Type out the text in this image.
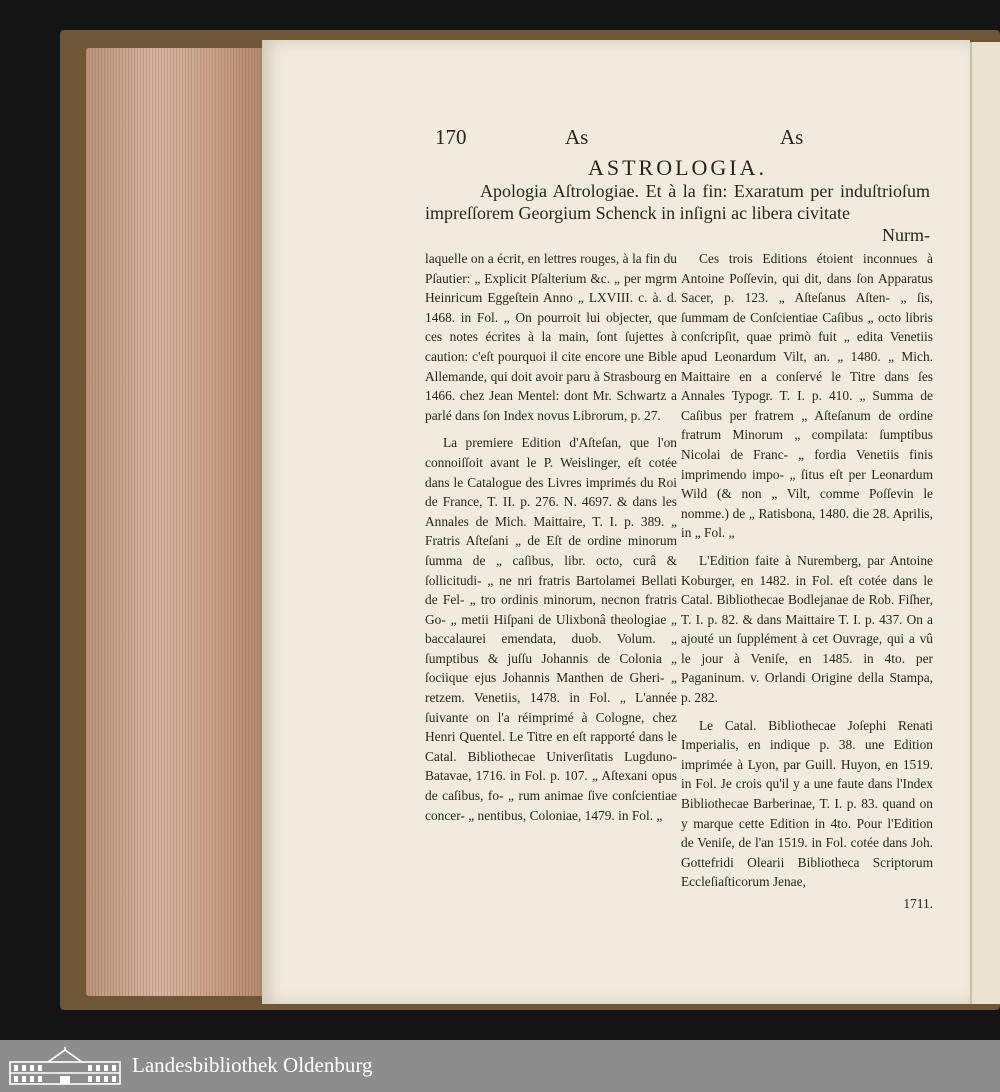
170	As	As
ASTROLOGIA.

Apologia Aſtrologiae. Et à la fin: Exaratum per induſtrioſum impreſſorem Georgium Schenck in inſigni ac libera civitate

Nurm-

laquelle on a écrit, en lettres rouges, à la fin du Pſautier: „ Explicit Pſalterium &c. „ per mgrm Heinricum Eggeſtein Anno „ LXVIII. c. à. d. 1468. in Fol. „ On pourroit lui objecter, que ces notes écrites à la main, ſont ſujettes à caution: c'eſt pourquoi il cite encore une Bible Allemande, qui doit avoir paru à Strasbourg en 1466. chez Jean Mentel: dont Mr. Schwartz a parlé dans ſon Index novus Librorum, p. 27.

La premiere Edition d'Aſteſan, que l'on connoiſſoit avant le P. Weislinger, eſt cotée dans le Catalogue des Livres imprimés du Roi de France, T. II. p. 276. N. 4697. & dans les Annales de Mich. Maittaire, T. I. p. 389. „ Fratris Aſteſani „ de Eſt de ordine minorum ſumma de „ caſibus, libr. octo, curâ & ſollicitudi- „ ne nri fratris Bartolamei Bellati de Fel- „ tro ordinis minorum, necnon fratris Go- „ metii Hiſpani de Ulixbonâ theologiae „ baccalaurei emendata, duob. Volum. „ ſumptibus & juſſu Johannis de Colonia „ ſociique ejus Johannis Manthen de Gheri- „ retzem. Venetiis, 1478. in Fol. „ L'année ſuivante on l'a réimprimé à Cologne, chez Henri Quentel. Le Titre en eſt rapporté dans le Catal. Bibliothecae Univerſitatis Lugduno-Batavae, 1716. in Fol. p. 107. „ Aſtexani opus de caſibus, fo- „ rum animae ſive conſcientiae concer- „ nentibus, Coloniae, 1479. in Fol. „

Ces trois Editions étoient inconnues à Antoine Poſſevin, qui dit, dans ſon Apparatus Sacer, p. 123. „ Aſteſanus Aſten- „ ſis, ſummam de Conſcientiae Caſibus „ octo libris conſcripſit, quae primò fuit „ edita Venetiis apud Leonardum Vilt, an. „ 1480. „ Mich. Maittaire en a conſervé le Titre dans ſes Annales Typogr. T. I. p. 410. „ Summa de Caſibus per fratrem „ Aſteſanum de ordine fratrum Minorum „ compilata: ſumptibus Nicolai de Franc- „ fordia Venetiis finis imprimendo impo- „ ſitus eſt per Leonardum Wild (& non „ Vilt, comme Poſſevin le nomme.) de „ Ratisbona, 1480. die 28. Aprilis, in „ Fol. „

L'Edition faite à Nuremberg, par Antoine Koburger, en 1482. in Fol. eſt cotée dans le Catal. Bibliothecae Bodlejanae de Rob. Fiſher, T. I. p. 82. & dans Maittaire T. I. p. 437. On a ajouté un ſupplément à cet Ouvrage, qui a vû le jour à Veniſe, en 1485. in 4to. per Paganinum. v. Orlandi Origine della Stampa, p. 282.

Le Catal. Bibliothecae Joſephi Renati Imperialis, en indique p. 38. une Edition imprimée à Lyon, par Guill. Huyon, en 1519. in Fol. Je crois qu'il y a une faute dans l'Index Bibliothecae Barberinae, T. I. p. 83. quand on y marque cette Edition in 4to. Pour l'Edition de Veniſe, de l'an 1519. in Fol. cotée dans Joh. Gottefridi Olearii Bibliotheca Scriptorum Eccleſiaſticorum Jenae,

1711.

Landesbibliothek Oldenburg
